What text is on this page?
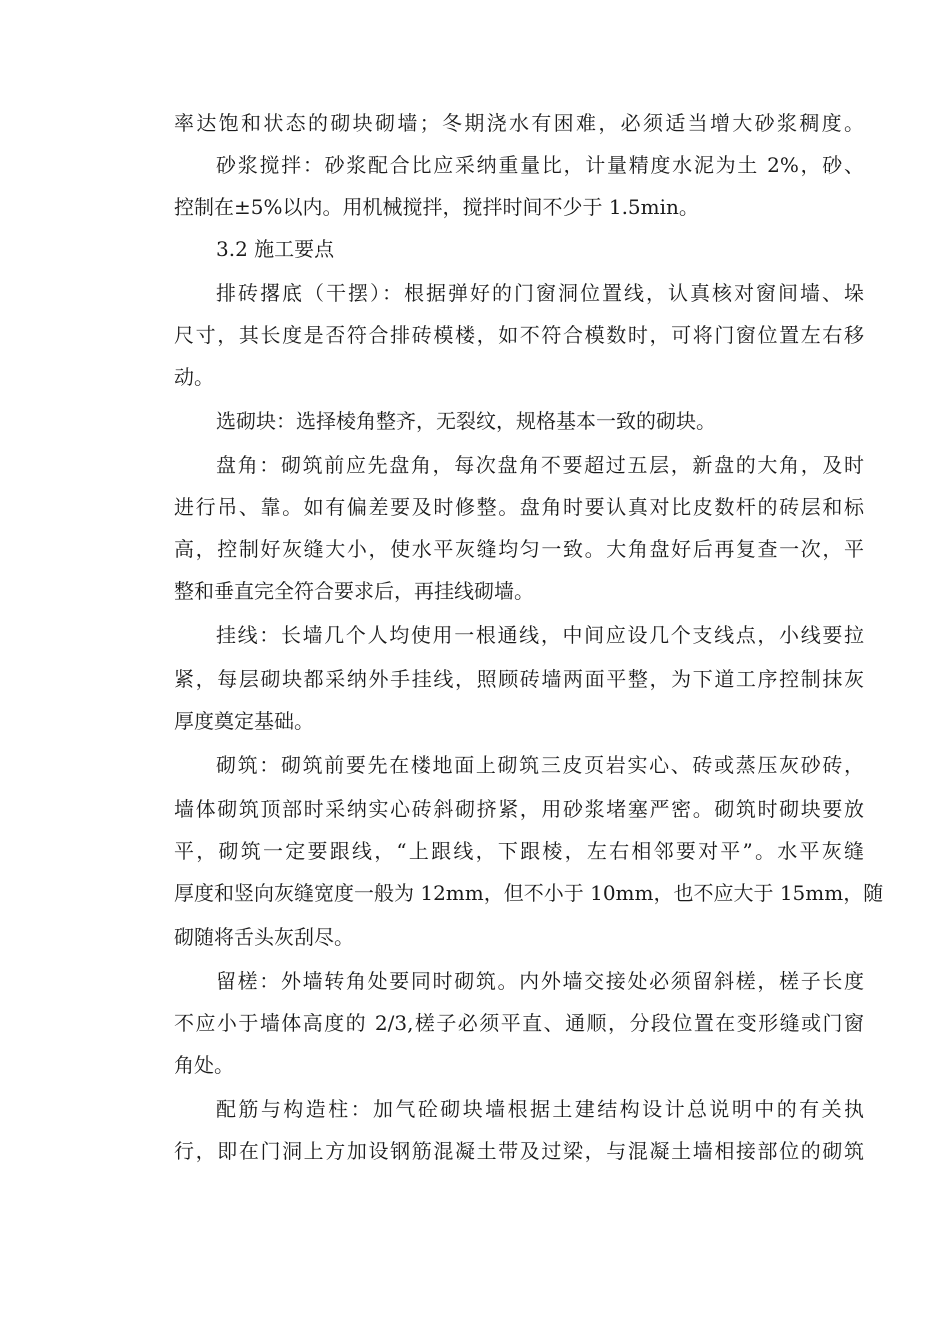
率达饱和状态的砌块砌墙；冬期浇水有困难，必须适当增大砂浆稠度。
砂浆搅拌：砂浆配合比应采纳重量比，计量精度水泥为土 2%，砂、
控制在±5%以内。用机械搅拌，搅拌时间不少于 1.5min。
3.2 施工要点
排砖撂底（干摆）：根据弹好的门窗洞位置线，认真核对窗间墙、垛
尺寸，其长度是否符合排砖模楼，如不符合模数时，可将门窗位置左右移
动。
选砌块：选择棱角整齐，无裂纹，规格基本一致的砌块。
盘角：砌筑前应先盘角，每次盘角不要超过五层，新盘的大角，及时
进行吊、靠。如有偏差要及时修整。盘角时要认真对比皮数杆的砖层和标
高，控制好灰缝大小，使水平灰缝均匀一致。大角盘好后再复查一次，平
整和垂直完全符合要求后，再挂线砌墙。
挂线：长墙几个人均使用一根通线，中间应设几个支线点，小线要拉
紧，每层砌块都采纳外手挂线，照顾砖墙两面平整，为下道工序控制抹灰
厚度奠定基础。
砌筑：砌筑前要先在楼地面上砌筑三皮页岩实心、砖或蒸压灰砂砖，
墙体砌筑顶部时采纳实心砖斜砌挤紧，用砂浆堵塞严密。砌筑时砌块要放
平，砌筑一定要跟线，“上跟线，下跟棱，左右相邻要对平”。水平灰缝
厚度和竖向灰缝宽度一般为 12mm，但不小于 10mm，也不应大于 15mm，随
砌随将舌头灰刮尽。
留槎：外墙转角处要同时砌筑。内外墙交接处必须留斜槎，槎子长度
不应小于墙体高度的 2/3,槎子必须平直、通顺，分段位置在变形缝或门窗
角处。
配筋与构造柱：加气砼砌块墙根据土建结构设计总说明中的有关执
行，即在门洞上方加设钢筋混凝土带及过梁，与混凝土墙相接部位的砌筑
